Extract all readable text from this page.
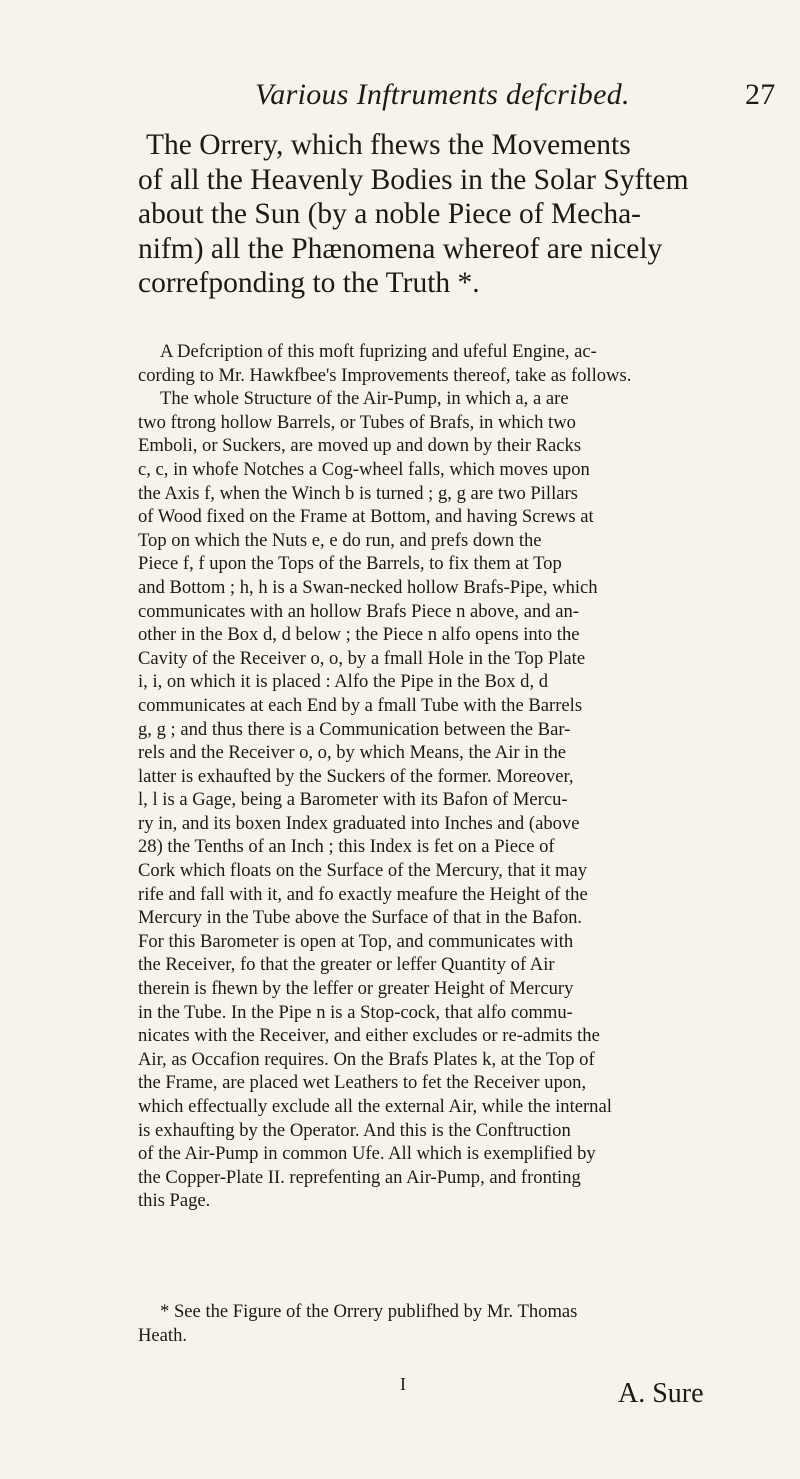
Various Inftruments defcribed.	27
The Orrery, which fhews the Movements
of all the Heavenly Bodies in the Solar Syftem
about the Sun (by a noble Piece of Mecha-
nifm) all the Phænomena whereof are nicely
correfponding to the Truth *.
A Defcription of this moft fuprizing and ufeful Engine, ac-
cording to Mr. Hawkfbee's Improvements thereof, take as follows.
The whole Structure of the Air-Pump, in which a, a are
two ftrong hollow Barrels, or Tubes of Brafs, in which two
Emboli, or Suckers, are moved up and down by their Racks
c, c, in whofe Notches a Cog-wheel falls, which moves upon
the Axis f, when the Winch b is turned ; g, g are two Pillars
of Wood fixed on the Frame at Bottom, and having Screws at
Top on which the Nuts e, e do run, and prefs down the
Piece f, f upon the Tops of the Barrels, to fix them at Top
and Bottom ; h, h is a Swan-necked hollow Brafs-Pipe, which
communicates with an hollow Brafs Piece n above, and an-
other in the Box d, d below ; the Piece n alfo opens into the
Cavity of the Receiver o, o, by a fmall Hole in the Top Plate
i, i, on which it is placed : Alfo the Pipe in the Box d, d
communicates at each End by a fmall Tube with the Barrels
g, g ; and thus there is a Communication between the Bar-
rels and the Receiver o, o, by which Means, the Air in the
latter is exhaufted by the Suckers of the former. Moreover,
l, l is a Gage, being a Barometer with its Bafon of Mercu-
ry in, and its boxen Index graduated into Inches and (above
28) the Tenths of an Inch ; this Index is fet on a Piece of
Cork which floats on the Surface of the Mercury, that it may
rife and fall with it, and fo exactly meafure the Height of the
Mercury in the Tube above the Surface of that in the Bafon.
For this Barometer is open at Top, and communicates with
the Receiver, fo that the greater or leffer Quantity of Air
therein is fhewn by the leffer or greater Height of Mercury
in the Tube. In the Pipe n is a Stop-cock, that alfo commu-
nicates with the Receiver, and either excludes or re-admits the
Air, as Occafion requires. On the Brafs Plates k, at the Top of
the Frame, are placed wet Leathers to fet the Receiver upon,
which effectually exclude all the external Air, while the internal
is exhaufting by the Operator. And this is the Conftruction
of the Air-Pump in common Ufe. All which is exemplified by
the Copper-Plate II. reprefenting an Air-Pump, and fronting
this Page.
* See the Figure of the Orrery publifhed by Mr. Thomas
Heath.
I	A. Sure
